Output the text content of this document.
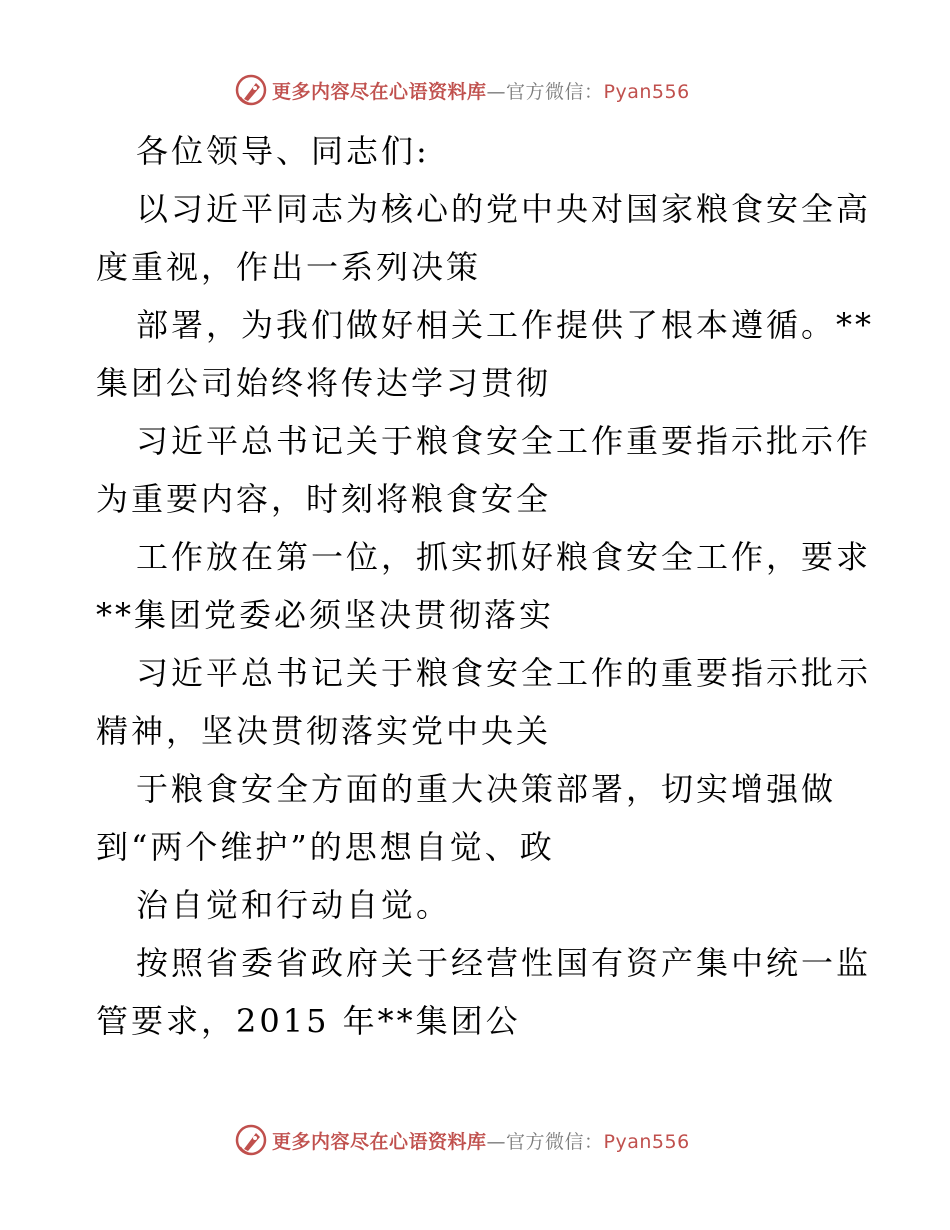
更多内容尽在心语资料库—官方微信：Pyan556
各位领导、同志们:
以习近平同志为核心的党中央对国家粮食安全高
度重视，作出一系列决策
部署，为我们做好相关工作提供了根本遵循。**
集团公司始终将传达学习贯彻
习近平总书记关于粮食安全工作重要指示批示作
为重要内容，时刻将粮食安全
工作放在第一位，抓实抓好粮食安全工作，要求
**集团党委必须坚决贯彻落实
习近平总书记关于粮食安全工作的重要指示批示
精神，坚决贯彻落实党中央关
于粮食安全方面的重大决策部署，切实增强做
到“两个维护”的思想自觉、政
治自觉和行动自觉。
按照省委省政府关于经营性国有资产集中统一监
管要求，2015 年**集团公
更多内容尽在心语资料库—官方微信：Pyan556
